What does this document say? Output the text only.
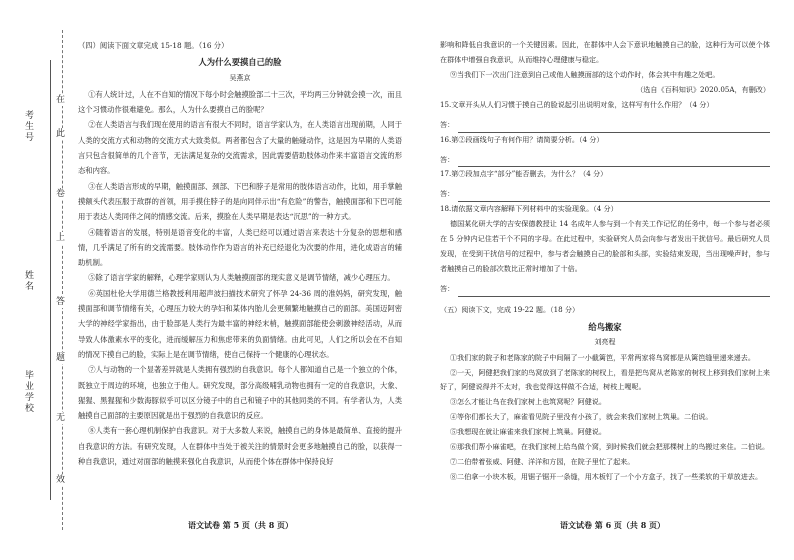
考生号
姓名
毕业学校
在
此
卷
上
答
题
无
效
（四）阅读下面文章完成 15-18 题。（16 分）
人为什么要摸自己的脸
吴燕京

①有人统计过，人在不自知的情况下每小时会触摸脸部二十三次，平均两三分钟就会摸一次，而且这个习惯动作很难避免。那么，人为什么要摸自己的脸呢？

②在人类语言与我们现在使用的语言有很大不同时，语言学家认为，在人类语言出现前期，人同于人类的交流方式和动物的交流方式大致类似。两者都包含了大量的触碰动作，这是因为早期的人类语言只包含很简单的几个音节，无法满足复杂的交流需求，因此需要借助肢体动作来丰富语言交流的形态和内容。

③在人类语言形成的早期，触摸面部、颈部、下巴和脖子是常用的肢体语言动作，比如，用手掌触摸额头代表压服于敌群的首领，用手摸住脖子的是向同伴示出“有危险”的警告，触摸面部和下巴可能用于表达人类同伴之间的情感交流。后来，摸脸在人类早期是表达“沉思”的一种方式。

④随着语言的发展，特别是语音变化的丰富，人类已经可以通过语言来表达十分复杂的思想和感情，几乎满足了所有的交流需要。肢体动作作为语言的补充已经退化为次要的作用，进化成语言的辅助机制。

⑤除了语言学家的解释，心理学家则认为人类触摸面部的现实意义是调节情绪，减少心理压力。

⑥英国杜伦大学用德兰格教授利用超声波扫描技术研究了怀孕 24-36 周的准妈妈，研究发现，触摸面部和调节情绪有关，心理压力较大的孕妇和某体内胎儿会更频繁地触摸自己的面部。美国迈阿密大学的神经学家指出，由于脸部是人类行为最丰富的神经末梢，触摸面部能使会刺激神经活动，从而导致人体激素水平的变化，进而缓解压力和焦虑带来的负面情绪。由此可见，人们之所以会在不自知的情况下摸自己的脸，实际上是在调节情绪，使自己保持一个健康的心理状态。

⑦人与动物的一个显著差异就是人类拥有强烈的自我意识。每个人都知道自己是一个独立的个体，既独立于周边的环境，也独立于他人。研究发现，部分高级哺乳动物也拥有一定的自我意识，大象、猩猩、黑猩猩和少数海豚似乎可以区分镜子中的自己和镜子中的其他同类的不同。有学者认为，人类触摸自己面部的主要原因就是出于强烈的自我意识的反应。

⑧人类有一套心理机制保护自我意识。对于大多数人来说，触摸自己的身体是最简单、直接的提升自我意识的方法。有研究发现，人在群体中当处于被关注的情景时会更多地触摸自己的脸，以获得一种自我意识，通过对面部的触摸来强化自我意识，从而使个体在群体中保持良好

语文试卷 第 5 页（共 8 页）

影响和降低自我意识的一个关键因素。因此，在群体中人会下意识地触摸自己的脸，这种行为可以使个体在群体中增强自我意识，从而维持心理健康与稳定。

⑨当我们下一次出门注意到自己或他人触摸面部的这个动作时，体会其中有趣之处吧。

（选自《百科知识》2020.05A，有删改）
15.文章开头从人们习惯于摸自己的脸说起引出说明对象，这样写有什么作用？（4 分）
答：
16.第②段画线句子有何作用？请简要分析。（4 分）
答：
17.第⑦段加点字“部分”能否删去，为什么？（4 分）
答：
18.请依据文章内容解释下列材料中的实验现象。（4 分）

德国某化研大学的吉安保德教授让 14 名成年人参与到一个有关工作记忆的任务中，每一个参与者必须在 5 分钟内记住若干个不同的字母。在此过程中，实验研究人员会向参与者发出干扰信号。最后研究人员发现，在受到干扰信号的过程中，参与者会触摸自己的脸部和头部，实验结束发现，当出现噪声时，参与者触摸自己的脸部次数比正常时增加了十倍。

答：
（五）阅读下文，完成 19-22 题。（18 分）
给鸟搬家
刘亮程

①我们家的院子和老陈家的院子中间隔了一小截篱笆，平常两家将鸟窝都是从篱笆缝里递来递去。

②一天，阿健把我们家的鸟窝放到了老陈家的树杈上，看是把鸟窝从老陈家的树杈上移到我们家树上来好了，阿健说得并不太对，我也觉得这样做不合适，树枝上嘎呢。

③怎么才能让鸟在我们家树上也筑窝呢？阿健说。

④等你们都长大了，麻雀看见院子里没有小孩了，就会来我们家树上筑巢。二伯说。

⑤我想现在就让麻雀来我们家树上筑巢。阿健说。

⑥那我们帮小麻雀吧，在我们家树上给鸟做个窝，到时候我们就会把那棵树上的鸟搬过来住。二伯说。

⑦二伯带着张威、阿健、洋洋和方园，在院子里忙了起来。

⑧二伯拿一小块木板，用锯子锯开一条缝，用木板钉了一个小方盒子，找了一些柔软的干草放进去。

语文试卷 第 6 页（共 8 页）
